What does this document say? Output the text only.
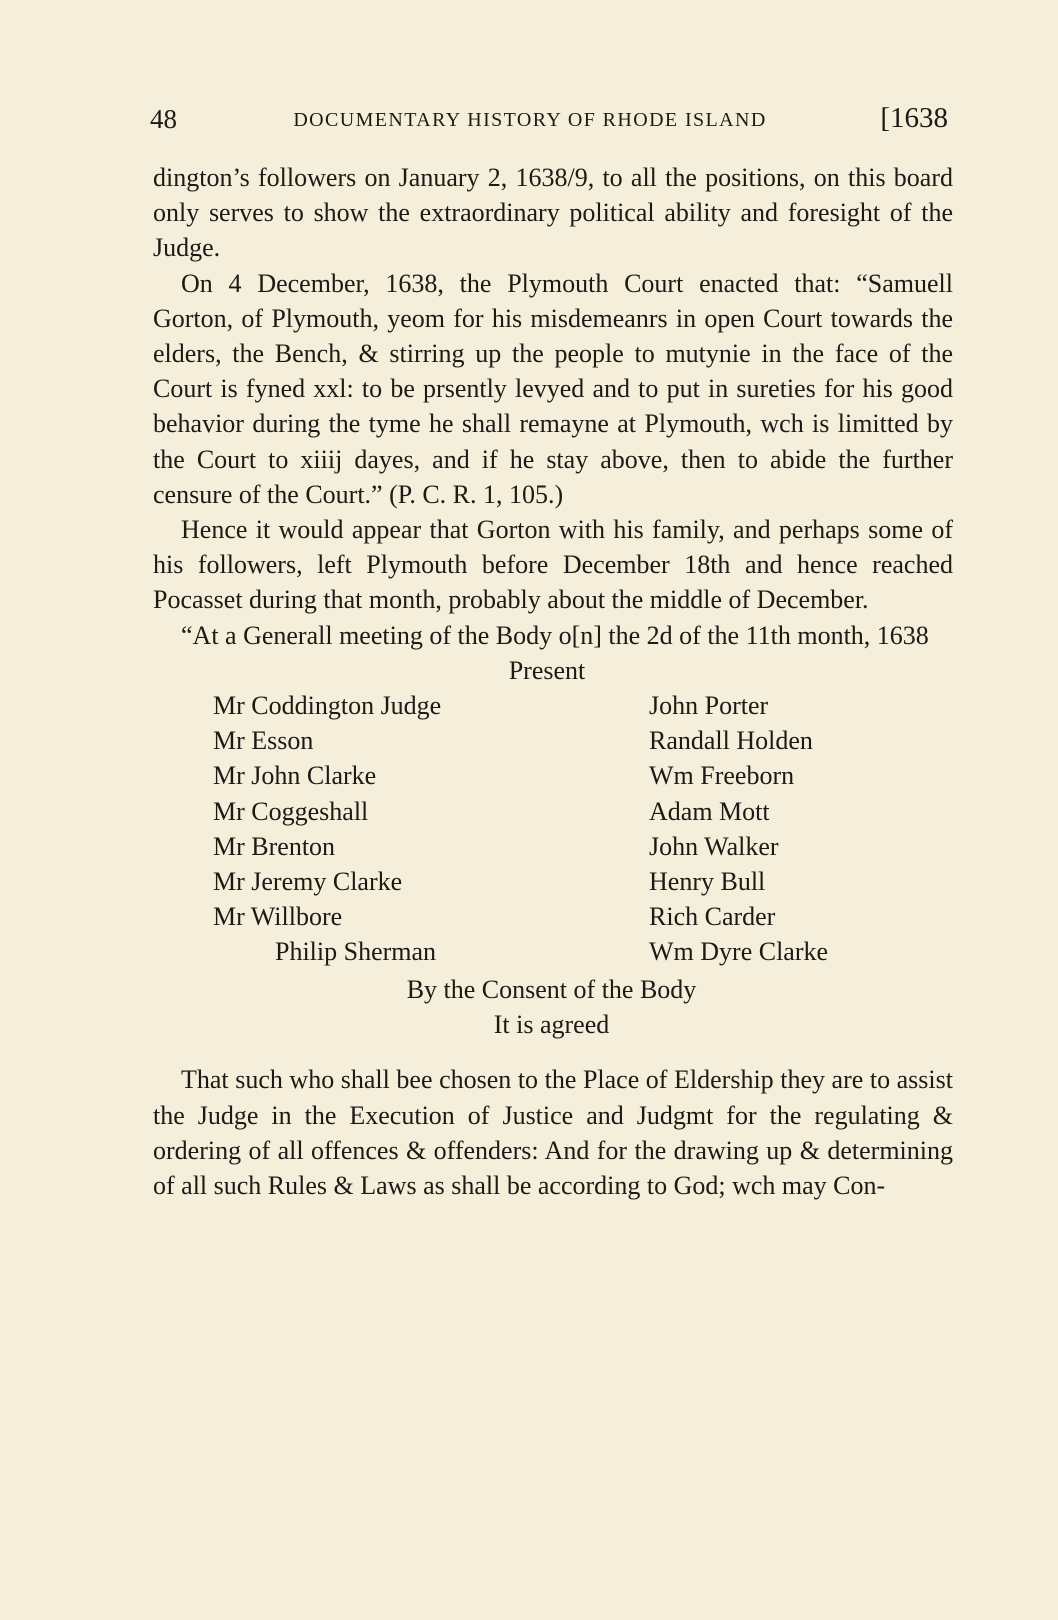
48	DOCUMENTARY HISTORY OF RHODE ISLAND	[1638

dington’s followers on January 2, 1638/9, to all the positions, on this board only serves to show the extraordinary political ability and foresight of the Judge.

On 4 December, 1638, the Plymouth Court enacted that: “Samuell Gorton, of Plymouth, yeom for his misdemeanrs in open Court towards the elders, the Bench, & stirring up the people to mutynie in the face of the Court is fyned xxl: to be prsently levyed and to put in sureties for his good behavior during the tyme he shall remayne at Plymouth, wch is limitted by the Court to xiiij dayes, and if he stay above, then to abide the further censure of the Court.” (P. C. R. 1, 105.)

Hence it would appear that Gorton with his family, and perhaps some of his followers, left Plymouth before December 18th and hence reached Pocasset during that month, probably about the middle of December.

“At a Generall meeting of the Body o[n] the 2d of the 11th month, 1638

Present
Mr Coddington Judge
Mr Esson
Mr John Clarke
Mr Coggeshall
Mr Brenton
Mr Jeremy Clarke
Mr Willbore
Philip Sherman
John Porter
Randall Holden
Wm Freeborn
Adam Mott
John Walker
Henry Bull
Rich Carder
Wm Dyre Clarke
By the Consent of the Body
It is agreed

That such who shall bee chosen to the Place of Eldership they are to assist the Judge in the Execution of Justice and Judgmt for the regulating & ordering of all offences & offenders: And for the drawing up & determining of all such Rules & Laws as shall be according to God; wch may Con-
